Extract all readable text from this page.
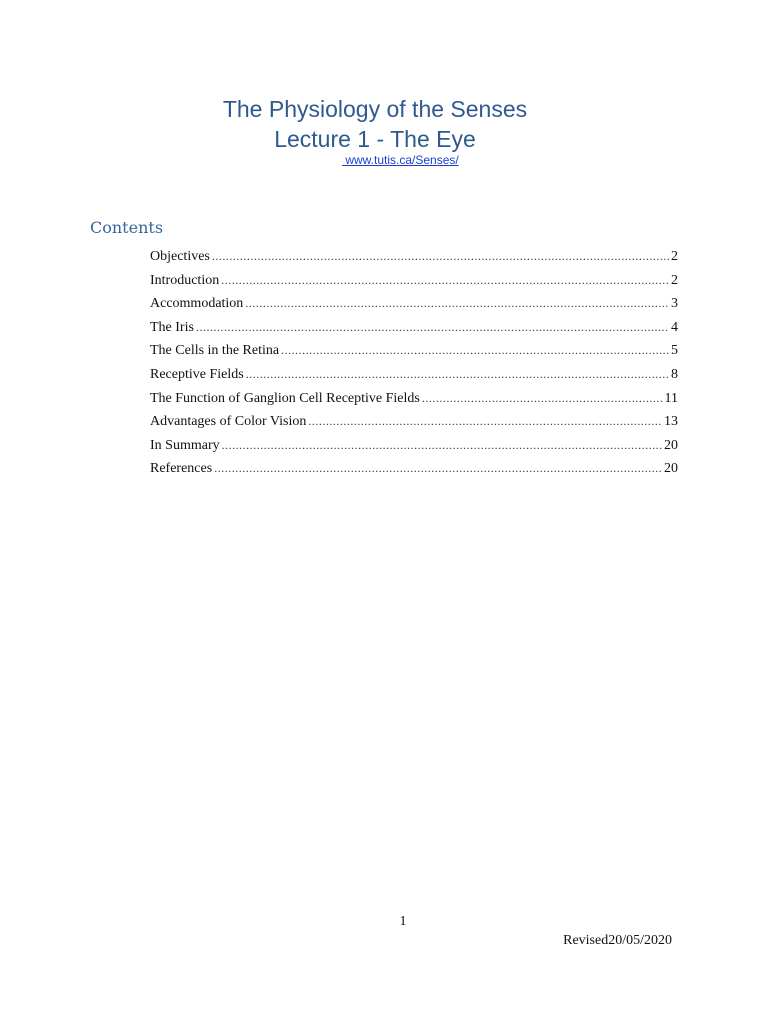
The Physiology of the Senses
Lecture 1 - The Eye
www.tutis.ca/Senses/
Contents
Objectives .....	2
Introduction .....	2
Accommodation .....	3
The Iris .....	4
The Cells in the Retina .....	5
Receptive Fields .....	8
The Function of Ganglion Cell Receptive Fields .....	11
Advantages of Color Vision .....	13
In Summary .....	20
References .....	20
1
Revised20/05/2020
